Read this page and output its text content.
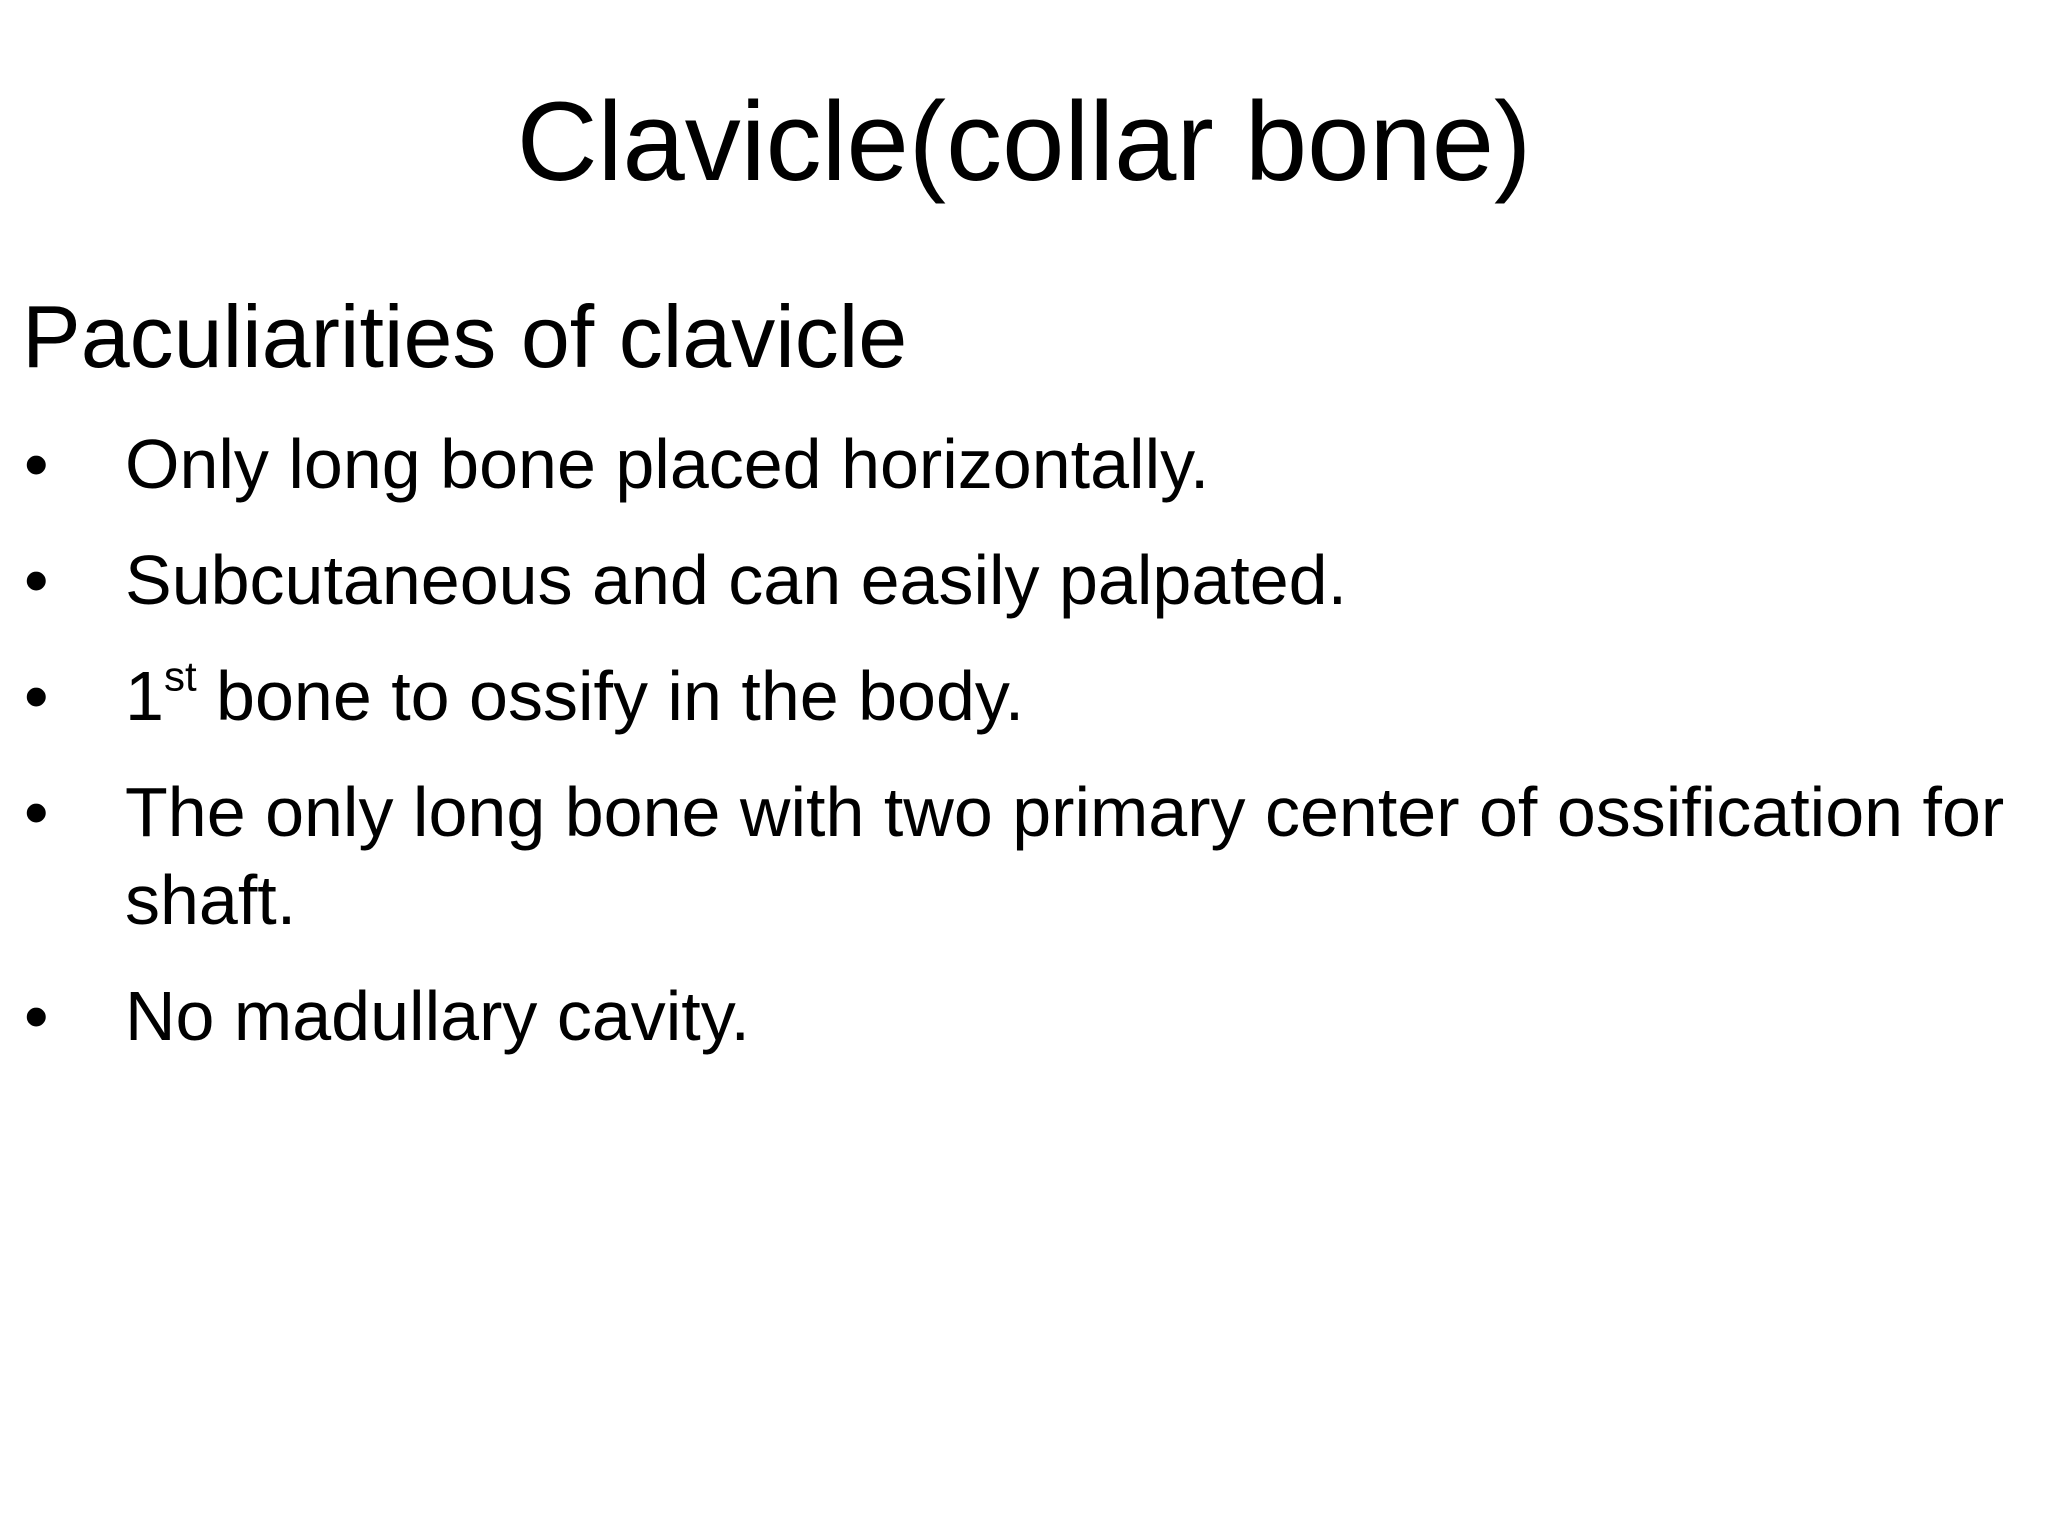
Clavicle(collar bone)
Paculiarities of clavicle
• Only long bone placed horizontally.
• Subcutaneous and can easily palpated.
• 1st bone to ossify in the body.
• The only long bone with two primary center of ossification for shaft.
• No madullary cavity.
